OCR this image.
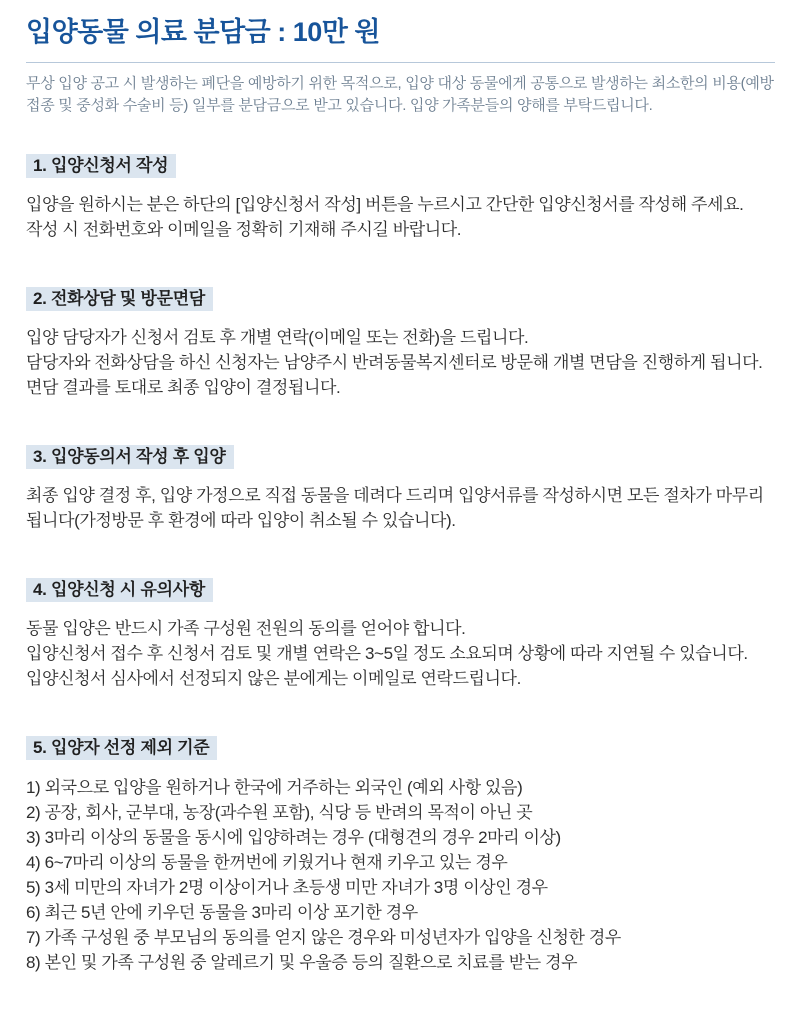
입양동물 의료 분담금 : 10만 원
무상 입양 공고 시 발생하는 폐단을 예방하기 위한 목적으로, 입양 대상 동물에게 공통으로 발생하는 최소한의 비용(예방
접종 및 중성화 수술비 등) 일부를 분담금으로 받고 있습니다. 입양 가족분들의 양해를 부탁드립니다.
1. 입양신청서 작성
입양을 원하시는 분은 하단의 [입양신청서 작성] 버튼을 누르시고 간단한 입양신청서를 작성해 주세요.
작성 시 전화번호와 이메일을 정확히 기재해 주시길 바랍니다.
2. 전화상담 및 방문면담
입양 담당자가 신청서 검토 후 개별 연락(이메일 또는 전화)을 드립니다.
담당자와 전화상담을 하신 신청자는 남양주시 반려동물복지센터로 방문해 개별 면담을 진행하게 됩니다.
면담 결과를 토대로 최종 입양이 결정됩니다.
3. 입양동의서 작성 후 입양
최종 입양 결정 후, 입양 가정으로 직접 동물을 데려다 드리며 입양서류를 작성하시면 모든 절차가 마무리
됩니다(가정방문 후 환경에 따라 입양이 취소될 수 있습니다).
4. 입양신청 시 유의사항
동물 입양은 반드시 가족 구성원 전원의 동의를 얻어야 합니다.
입양신청서 접수 후 신청서 검토 및 개별 연락은 3~5일 정도 소요되며 상황에 따라 지연될 수 있습니다.
입양신청서 심사에서 선정되지 않은 분에게는 이메일로 연락드립니다.
5. 입양자 선정 제외 기준
1) 외국으로 입양을 원하거나 한국에 거주하는 외국인 (예외 사항 있음)
2) 공장, 회사, 군부대, 농장(과수원 포함), 식당 등 반려의 목적이 아닌 곳
3) 3마리 이상의 동물을 동시에 입양하려는 경우 (대형견의 경우 2마리 이상)
4) 6~7마리 이상의 동물을 한꺼번에 키웠거나 현재 키우고 있는 경우
5) 3세 미만의 자녀가 2명 이상이거나 초등생 미만 자녀가 3명 이상인 경우
6) 최근 5년 안에 키우던 동물을 3마리 이상 포기한 경우
7) 가족 구성원 중 부모님의 동의를 얻지 않은 경우와 미성년자가 입양을 신청한 경우
8) 본인 및 가족 구성원 중 알레르기 및 우울증 등의 질환으로 치료를 받는 경우
